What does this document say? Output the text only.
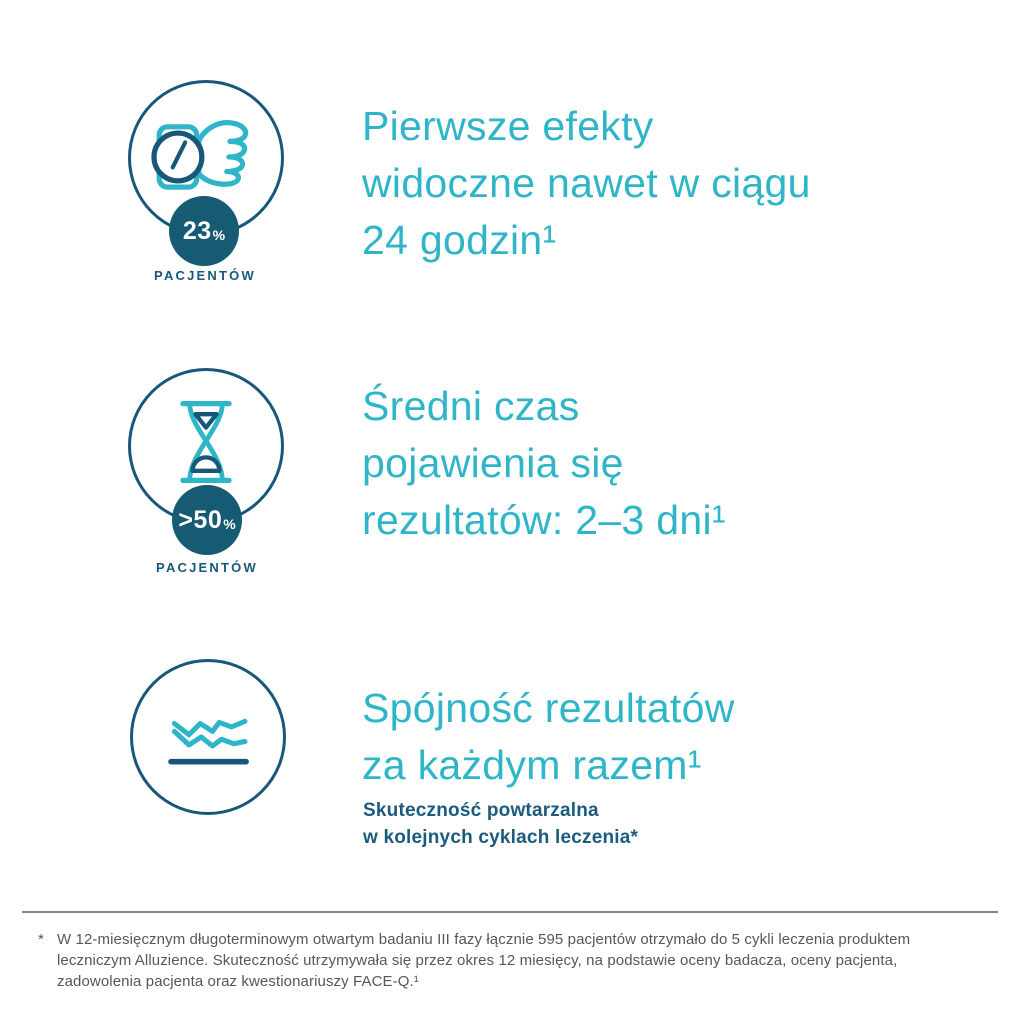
23 %
PACJENTÓW
Pierwsze efekty
widoczne nawet w ciągu
24 godzin¹
>50 %
PACJENTÓW
Średni czas
pojawienia się
rezultatów: 2–3 dni¹
Spójność rezultatów
za każdym razem¹
Skuteczność powtarzalna
w kolejnych cyklach leczenia*
* W 12-miesięcznym długoterminowym otwartym badaniu III fazy łącznie 595 pacjentów otrzymało do 5 cykli leczenia produktem
leczniczym Alluzience. Skuteczność utrzymywała się przez okres 12 miesięcy, na podstawie oceny badacza, oceny pacjenta,
zadowolenia pacjenta oraz kwestionariuszy FACE-Q.¹
